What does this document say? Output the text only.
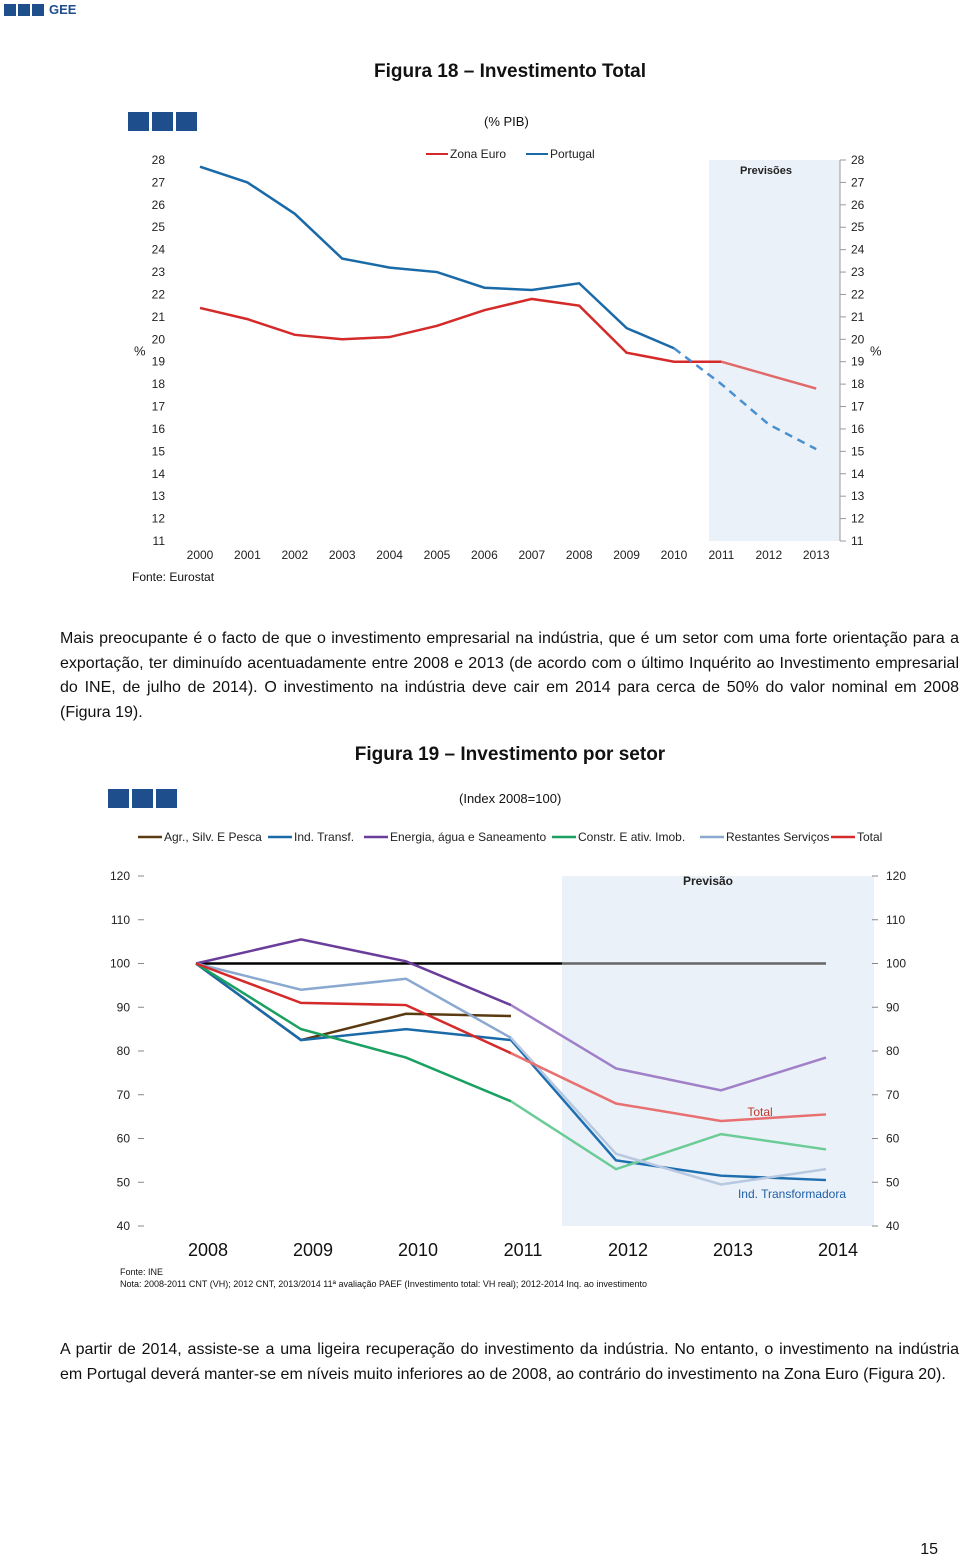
GEE
Figura 18 – Investimento Total
(% PIB)
Previsões
11	11
12	12
13	13
14	14
15	15
16	16
17	17
18	18
19	19
20	20
21	21
22	22
23	23
24	24
25	25
26	26
27	27
28	28
%	%
2000 2001 2002 2003 2004 2005 2006 2007 2008 2009 2010 2011 2012 2013
Zona Euro	Portugal
Fonte: Eurostat

Mais preocupante é o facto de que o investimento empresarial na indústria, que é um setor com uma forte orientação para a exportação, ter diminuído acentuadamente entre 2008 e 2013 (de acordo com o último Inquérito ao Investimento empresarial do INE, de julho de 2014). O investimento na indústria deve cair em 2014 para cerca de 50% do valor nominal em 2008 (Figura 19).

Figura 19 – Investimento por setor
(Index 2008=100)
Previsão
40	40
50	50
60	60
70	70
80	80
90	90
100	100
110	110
120	120
2008	2009	2010	2011	2012	2013	2014
Agr., Silv. E Pesca	Ind. Transf.	Energia, água e Saneamento	Constr. E ativ. Imob.	Restantes Serviços Total
Total
Ind. Transformadora
Fonte: INE
Nota: 2008-2011 CNT (VH); 2012 CNT, 2013/2014 11ª avaliação PAEF (Investimento total: VH real); 2012-2014 Inq. ao investimento

A partir de 2014, assiste-se a uma ligeira recuperação do investimento da indústria. No entanto, o investimento na indústria em Portugal deverá manter-se em níveis muito inferiores ao de 2008, ao contrário do investimento na Zona Euro (Figura 20).

15
